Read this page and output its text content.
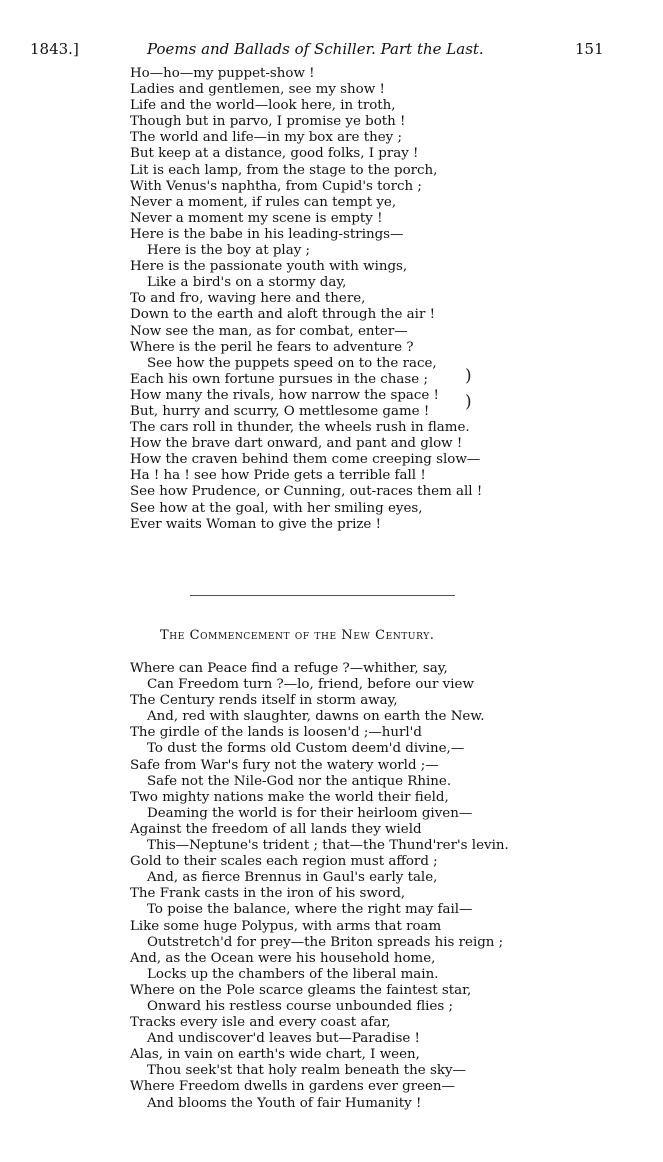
1843.]	Poems and Ballads of Schiller. Part the Last.	151
Ho—ho—my puppet-show !
Ladies and gentlemen, see my show !
Life and the world—look here, in troth,
Though but in parvo, I promise ye both !
The world and life—in my box are they ;
But keep at a distance, good folks, I pray !
Lit is each lamp, from the stage to the porch,
With Venus's naphtha, from Cupid's torch ;
Never a moment, if rules can tempt ye,
Never a moment my scene is empty !
Here is the babe in his leading-strings—
Here is the boy at play ;
Here is the passionate youth with wings,
Like a bird's on a stormy day,
To and fro, waving here and there,
Down to the earth and aloft through the air !
Now see the man, as for combat, enter—
Where is the peril he fears to adventure ?
See how the puppets speed on to the race,
Each his own fortune pursues in the chase ;
How many the rivals, how narrow the space !
But, hurry and scurry, O mettlesome game !
The cars roll in thunder, the wheels rush in flame.
How the brave dart onward, and pant and glow !
How the craven behind them come creeping slow—
Ha ! ha ! see how Pride gets a terrible fall !
See how Prudence, or Cunning, out-races them all !
See how at the goal, with her smiling eyes,
Ever waits Woman to give the prize !
)
)
The Commencement of the New Century.
Where can Peace find a refuge ?—whither, say,
Can Freedom turn ?—lo, friend, before our view
The Century rends itself in storm away,
And, red with slaughter, dawns on earth the New.
The girdle of the lands is loosen'd ;—hurl'd
To dust the forms old Custom deem'd divine,—
Safe from War's fury not the watery world ;—
Safe not the Nile-God nor the antique Rhine.
Two mighty nations make the world their field,
Deaming the world is for their heirloom given—
Against the freedom of all lands they wield
This—Neptune's trident ; that—the Thund'rer's levin.
Gold to their scales each region must afford ;
And, as fierce Brennus in Gaul's early tale,
The Frank casts in the iron of his sword,
To poise the balance, where the right may fail—
Like some huge Polypus, with arms that roam
Outstretch'd for prey—the Briton spreads his reign ;
And, as the Ocean were his household home,
Locks up the chambers of the liberal main.
Where on the Pole scarce gleams the faintest star,
Onward his restless course unbounded flies ;
Tracks every isle and every coast afar,
And undiscover'd leaves but—Paradise !
Alas, in vain on earth's wide chart, I ween,
Thou seek'st that holy realm beneath the sky—
Where Freedom dwells in gardens ever green—
And blooms the Youth of fair Humanity !
